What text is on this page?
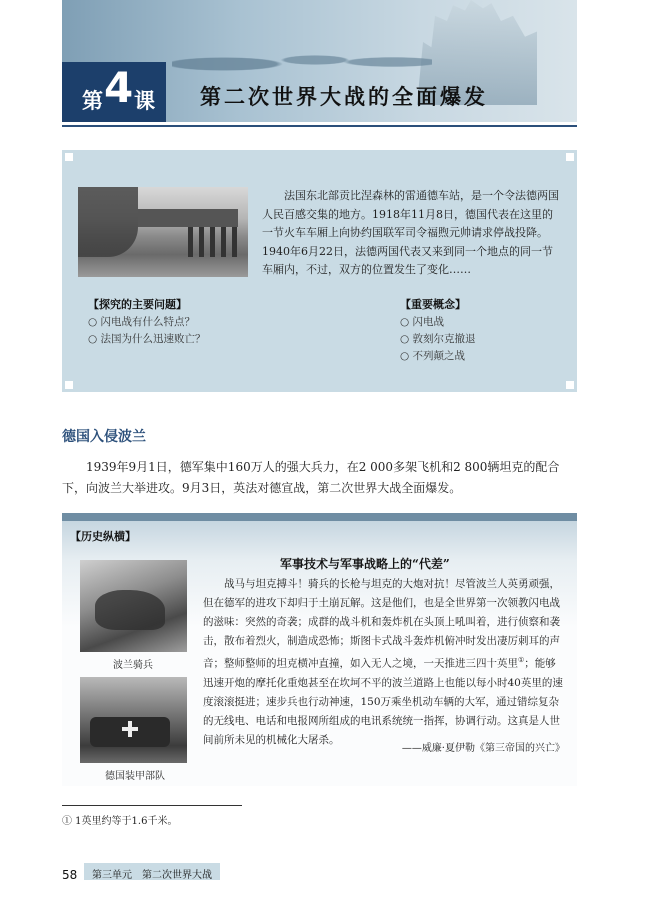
第 4 课 第二次世界大战的全面爆发

法国东北部贡比涅森林的雷通德车站，是一个令法德两国人民百感交集的地方。1918年11月8日，德国代表在这里的一节火车车厢上向协约国联军司令福煦元帅请求停战投降。1940年6月22日，法德两国代表又来到同一个地点的同一节车厢内，不过，双方的位置发生了变化……

【探究的主要问题】
○ 闪电战有什么特点？
○ 法国为什么迅速败亡？
【重要概念】
○ 闪电战
○ 敦刻尔克撤退
○ 不列颠之战
德国入侵波兰

1939年9月1日，德军集中160万人的强大兵力，在2 000多架飞机和2 800辆坦克的配合下，向波兰大举进攻。9月3日，英法对德宣战，第二次世界大战全面爆发。

【历史纵横】
军事技术与军事战略上的“代差”
波兰骑兵
德国装甲部队

战马与坦克搏斗！骑兵的长枪与坦克的大炮对抗！尽管波兰人英勇顽强，但在德军的进攻下却归于土崩瓦解。这是他们，也是全世界第一次领教闪电战的滋味：突然的奇袭；成群的战斗机和轰炸机在头顶上吼叫着，进行侦察和袭击，散布着烈火，制造成恐怖；斯图卡式战斗轰炸机俯冲时发出凄厉刺耳的声音；整师整师的坦克横冲直撞，如入无人之境，一天推进三四十英里①；能够迅速开炮的摩托化重炮甚至在坎坷不平的波兰道路上也能以每小时40英里的速度滚滚挺进；速步兵也行动神速，150万乘坐机动车辆的大军，通过错综复杂的无线电、电话和电报网所组成的电讯系统统一指挥，协调行动。这真是人世间前所未见的机械化大屠杀。

——威廉·夏伊勒《第三帝国的兴亡》
① 1英里约等于1.6千米。
58 第三单元　第二次世界大战
